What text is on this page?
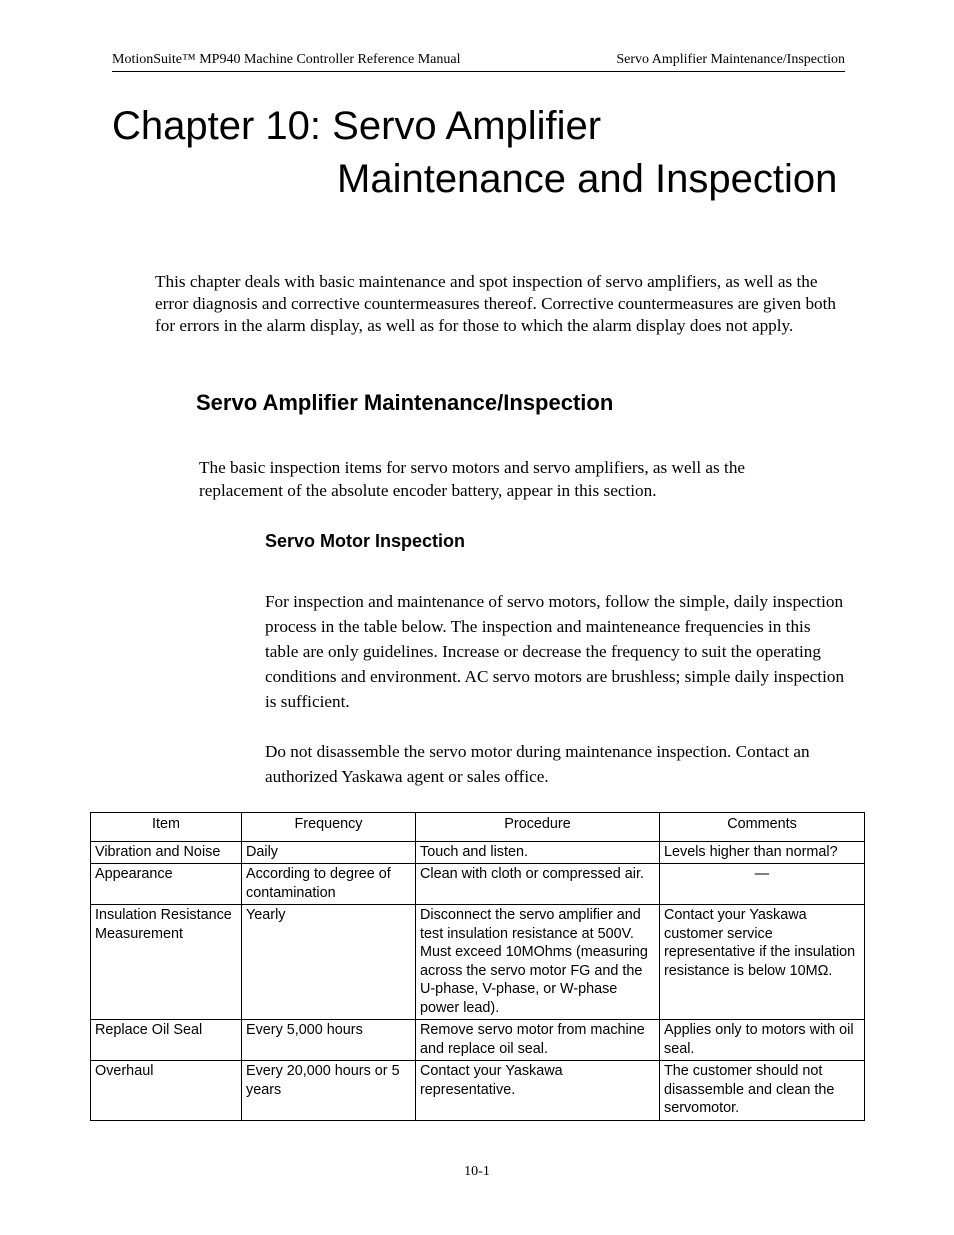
MotionSuite™ MP940 Machine Controller Reference Manual	Servo Amplifier Maintenance/Inspection
Chapter 10: Servo Amplifier
Maintenance and Inspection

This chapter deals with basic maintenance and spot inspection of servo amplifiers, as well as the error diagnosis and corrective countermeasures thereof. Corrective countermeasures are given both for errors in the alarm display, as well as for those to which the alarm display does not apply.

Servo Amplifier Maintenance/Inspection

The basic inspection items for servo motors and servo amplifiers, as well as the replacement of the absolute encoder battery, appear in this section.

Servo Motor Inspection

For inspection and maintenance of servo motors, follow the simple, daily inspection process in the table below. The inspection and mainteneance frequencies in this table are only guidelines. Increase or decrease the frequency to suit the operating conditions and environment. AC servo motors are brushless; simple daily inspection is sufficient.

Do not disassemble the servo motor during maintenance inspection. Contact an authorized Yaskawa agent or sales office.

Item	Frequency	Procedure	Comments
Vibration and Noise	Daily	Touch and listen.	Levels higher than normal?
Appearance	According to degree of contamination	Clean with cloth or compressed air.	—
Insulation Resistance Measurement	Yearly	Disconnect the servo amplifier and test insulation resistance at 500V. Must exceed 10MOhms (measuring across the servo motor FG and the U-phase, V-phase, or W-phase power lead).	Contact your Yaskawa customer service representative if the insulation resistance is below 10MΩ.
Replace Oil Seal	Every 5,000 hours	Remove servo motor from machine and replace oil seal.	Applies only to motors with oil seal.
Overhaul	Every 20,000 hours or 5 years	Contact your Yaskawa representative.	The customer should not disassemble and clean the servomotor.
10-1
